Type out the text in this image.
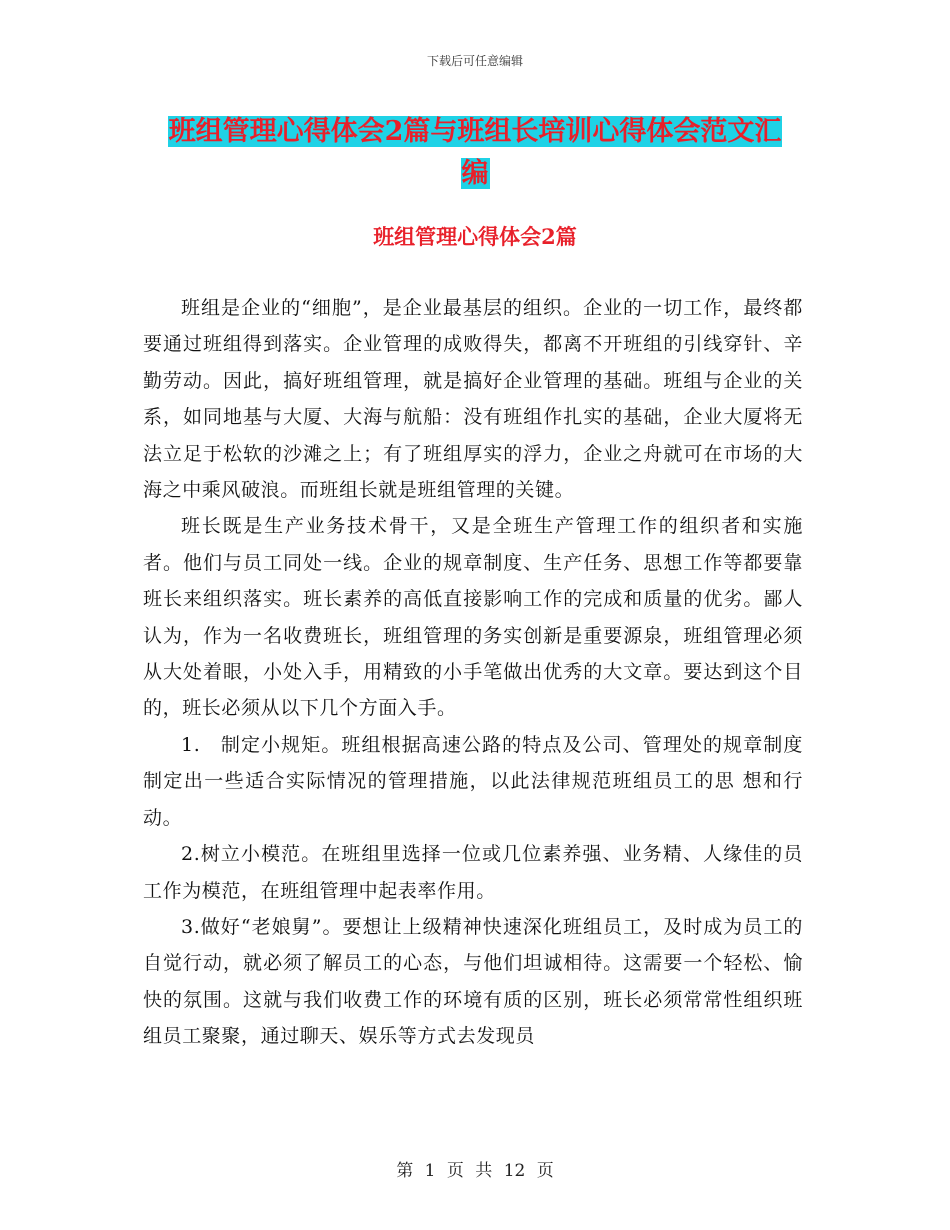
下载后可任意编辑
班组管理心得体会2篇与班组长培训心得体会范文汇
编
班组管理心得体会2篇

班组是企业的“细胞”，是企业最基层的组织。企业的一切工作，最终都要通过班组得到落实。企业管理的成败得失，都离不开班组的引线穿针、辛勤劳动。因此，搞好班组管理，就是搞好企业管理的基础。班组与企业的关系，如同地基与大厦、大海与航船：没有班组作扎实的基础，企业大厦将无法立足于松软的沙滩之上；有了班组厚实的浮力，企业之舟就可在市场的大海之中乘风破浪。而班组长就是班组管理的关键。

班长既是生产业务技术骨干，又是全班生产管理工作的组织者和实施者。他们与员工同处一线。企业的规章制度、生产任务、思想工作等都要靠班长来组织落实。班长素养的高低直接影响工作的完成和质量的优劣。鄙人认为，作为一名收费班长，班组管理的务实创新是重要源泉，班组管理必须从大处着眼，小处入手，用精致的小手笔做出优秀的大文章。要达到这个目的，班长必须从以下几个方面入手。

1.　制定小规矩。班组根据高速公路的特点及公司、管理处的规章制度制定出一些适合实际情况的管理措施，以此法律规范班组员工的思 想和行动。

2.树立小模范。在班组里选择一位或几位素养强、业务精、人缘佳的员工作为模范，在班组管理中起表率作用。

3.做好“老娘舅”。要想让上级精神快速深化班组员工，及时成为员工的自觉行动，就必须了解员工的心态，与他们坦诚相待。这需要一个轻松、愉快的氛围。这就与我们收费工作的环境有质的区别，班长必须常常性组织班组员工聚聚，通过聊天、娱乐等方式去发现员

第 1 页 共 12 页
